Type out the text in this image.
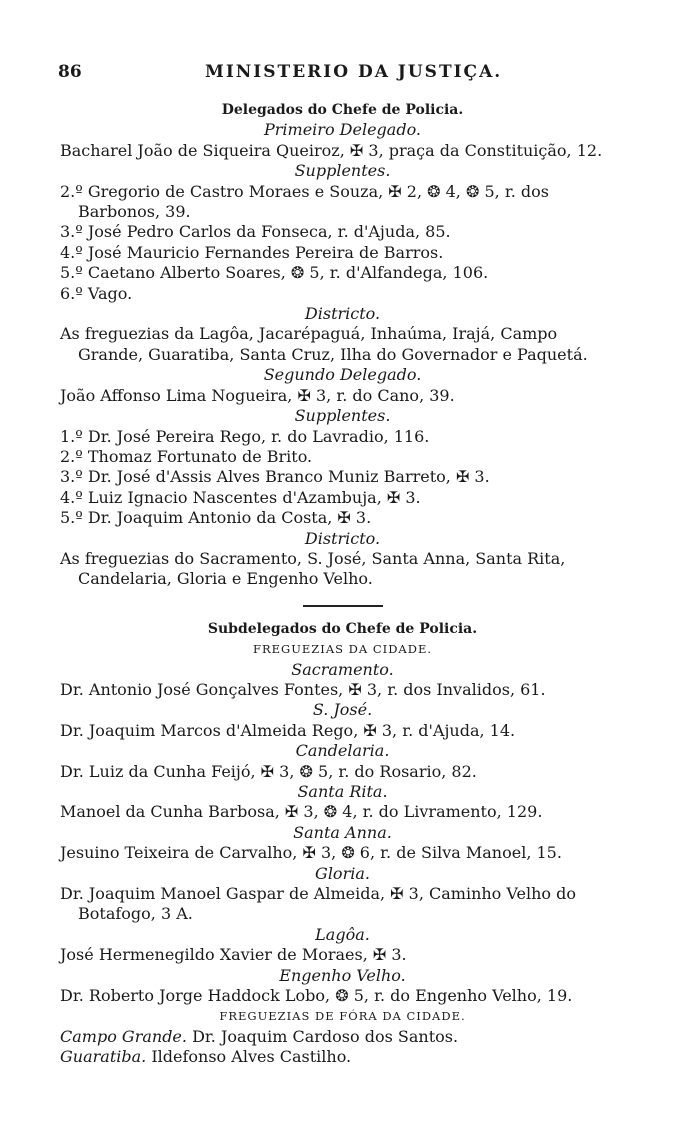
86	MINISTERIO DA JUSTIÇA.
Delegados do Chefe de Policia.
Primeiro Delegado.
Bacharel João de Siqueira Queiroz, ✠ 3, praça da Constituição, 12.
Supplentes.
2.º Gregorio de Castro Moraes e Souza, ✠ 2, ❂ 4, ❂ 5, r. dos Barbonos, 39.
3.º José Pedro Carlos da Fonseca, r. d'Ajuda, 85.
4.º José Mauricio Fernandes Pereira de Barros.
5.º Caetano Alberto Soares, ❂ 5, r. d'Alfandega, 106.
6.º Vago.
Districto.
As freguezias da Lagôa, Jacarépaguá, Inhaúma, Irajá, Campo Grande, Guaratiba, Santa Cruz, Ilha do Governador e Paquetá.
Segundo Delegado.
João Affonso Lima Nogueira, ✠ 3, r. do Cano, 39.
Supplentes.
1.º Dr. José Pereira Rego, r. do Lavradio, 116.
2.º Thomaz Fortunato de Brito.
3.º Dr. José d'Assis Alves Branco Muniz Barreto, ✠ 3.
4.º Luiz Ignacio Nascentes d'Azambuja, ✠ 3.
5.º Dr. Joaquim Antonio da Costa, ✠ 3.
Districto.
As freguezias do Sacramento, S. José, Santa Anna, Santa Rita, Candelaria, Gloria e Engenho Velho.
Subdelegados do Chefe de Policia.
FREGUEZIAS DA CIDADE.
Sacramento.
Dr. Antonio José Gonçalves Fontes, ✠ 3, r. dos Invalidos, 61.
S. José.
Dr. Joaquim Marcos d'Almeida Rego, ✠ 3, r. d'Ajuda, 14.
Candelaria.
Dr. Luiz da Cunha Feijó, ✠ 3, ❂ 5, r. do Rosario, 82.
Santa Rita.
Manoel da Cunha Barbosa, ✠ 3, ❂ 4, r. do Livramento, 129.
Santa Anna.
Jesuino Teixeira de Carvalho, ✠ 3, ❂ 6, r. de Silva Manoel, 15.
Gloria.
Dr. Joaquim Manoel Gaspar de Almeida, ✠ 3, Caminho Velho do Botafogo, 3 A.
Lagôa.
José Hermenegildo Xavier de Moraes, ✠ 3.
Engenho Velho.
Dr. Roberto Jorge Haddock Lobo, ❂ 5, r. do Engenho Velho, 19.
FREGUEZIAS DE FÓRA DA CIDADE.
Campo Grande. Dr. Joaquim Cardoso dos Santos.
Guaratiba. Ildefonso Alves Castilho.
